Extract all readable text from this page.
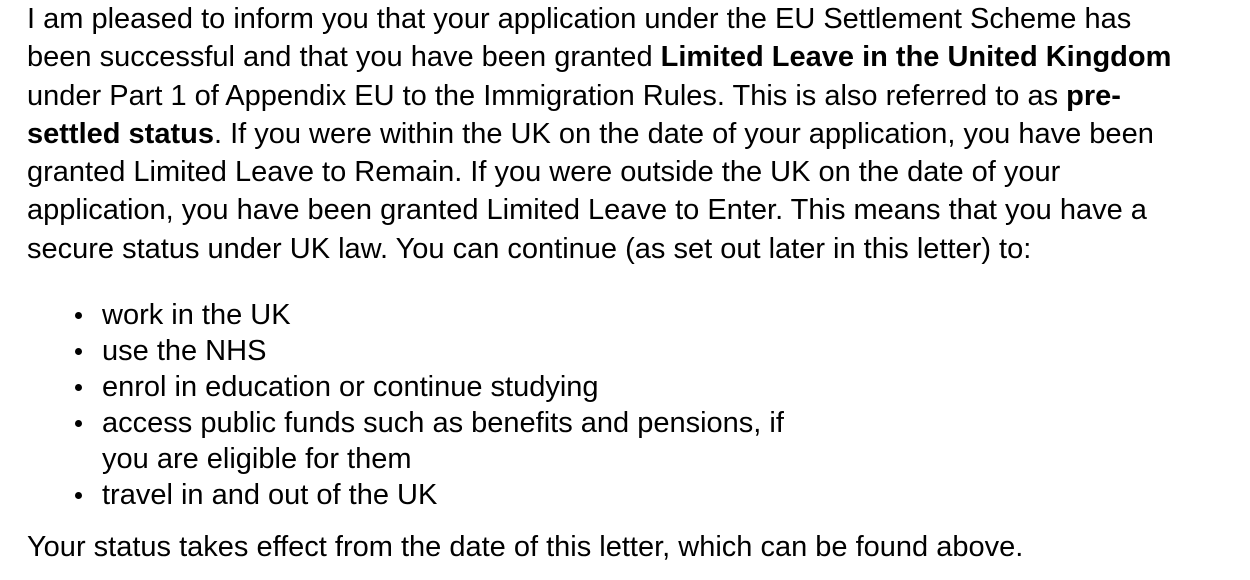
I am pleased to inform you that your application under the EU Settlement Scheme has
been successful and that you have been granted Limited Leave in the United Kingdom
under Part 1 of Appendix EU to the Immigration Rules. This is also referred to as pre-
settled status. If you were within the UK on the date of your application, you have been
granted Limited Leave to Remain. If you were outside the UK on the date of your
application, you have been granted Limited Leave to Enter. This means that you have a
secure status under UK law. You can continue (as set out later in this letter) to:

work in the UK
use the NHS
enrol in education or continue studying
access public funds such as benefits and pensions, if
you are eligible for them
travel in and out of the UK

Your status takes effect from the date of this letter, which can be found above.
